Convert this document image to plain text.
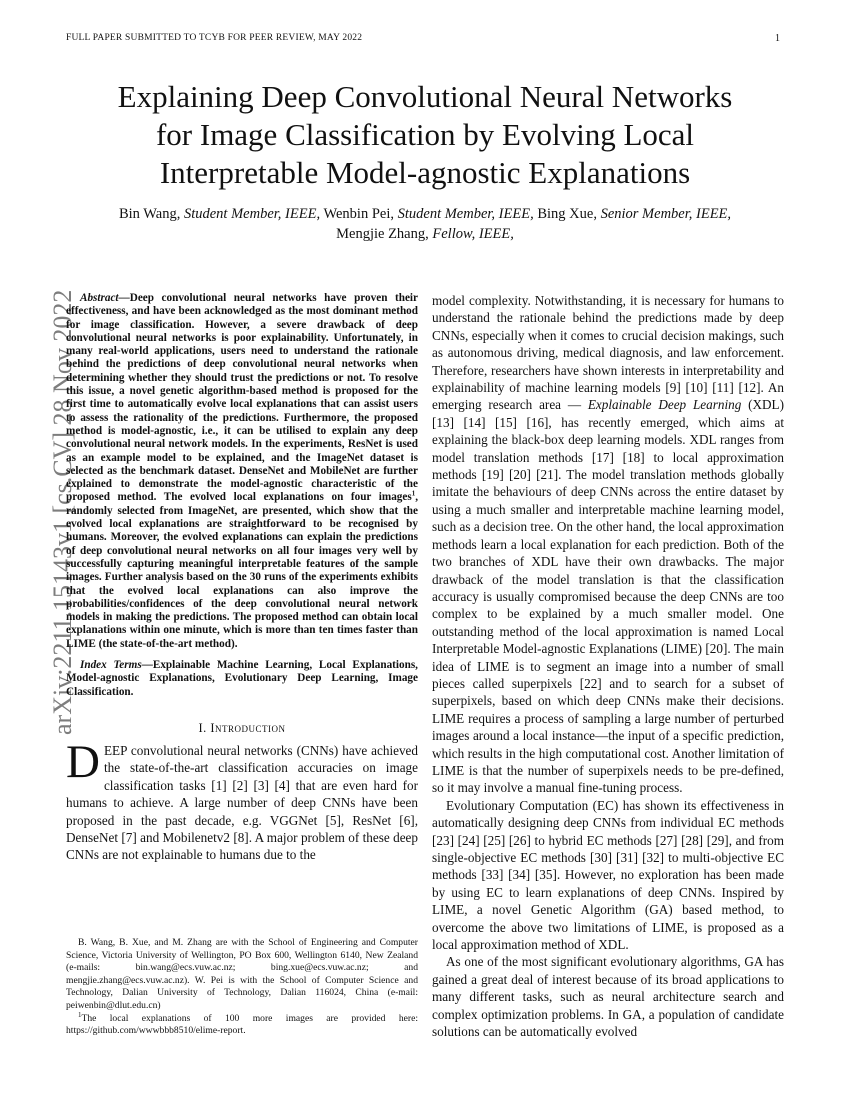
FULL PAPER SUBMITTED TO TCYB FOR PEER REVIEW, MAY 2022	1
arXiv:2211.15143v1 [cs.CV] 28 Nov 2022
Explaining Deep Convolutional Neural Networks
for Image Classification by Evolving Local
Interpretable Model-agnostic Explanations
Bin Wang, Student Member, IEEE, Wenbin Pei, Student Member, IEEE, Bing Xue, Senior Member, IEEE,
Mengjie Zhang, Fellow, IEEE,
Abstract—Deep convolutional neural networks have proven their effectiveness, and have been acknowledged as the most dominant method for image classification. However, a severe drawback of deep convolutional neural networks is poor explainability. Unfortunately, in many real-world applications, users need to understand the rationale behind the predictions of deep convolutional neural networks when determining whether they should trust the predictions or not. To resolve this issue, a novel genetic algorithm-based method is proposed for the first time to automatically evolve local explanations that can assist users to assess the rationality of the predictions. Furthermore, the proposed method is model-agnostic, i.e., it can be utilised to explain any deep convolutional neural network models. In the experiments, ResNet is used as an example model to be explained, and the ImageNet dataset is selected as the benchmark dataset. DenseNet and MobileNet are further explained to demonstrate the model-agnostic characteristic of the proposed method. The evolved local explanations on four images$^1$, randomly selected from ImageNet, are presented, which show that the evolved local explanations are straightforward to be recognised by humans. Moreover, the evolved explanations can explain the predictions of deep convolutional neural networks on all four images very well by successfully capturing meaningful interpretable features of the sample images. Further analysis based on the 30 runs of the experiments exhibits that the evolved local explanations can also improve the probabilities/confidences of the deep convolutional neural network models in making the predictions. The proposed method can obtain local explanations within one minute, which is more than ten times faster than LIME (the state-of-the-art method).
Index Terms—Explainable Machine Learning, Local Explanations, Model-agnostic Explanations, Evolutionary Deep Learning, Image Classification.
I. Introduction

DEEP convolutional neural networks (CNNs) have achieved the state-of-the-art classification accuracies on image classification tasks [1] [2] [3] [4] that are even hard for humans to achieve. A large number of deep CNNs have been proposed in the past decade, e.g. VGGNet [5], ResNet [6], DenseNet [7] and Mobilenetv2 [8]. A major problem of these deep CNNs are not explainable to humans due to the

B. Wang, B. Xue, and M. Zhang are with the School of Engineering and Computer Science, Victoria University of Wellington, PO Box 600, Wellington 6140, New Zealand (e-mails: bin.wang@ecs.vuw.ac.nz; bing.xue@ecs.vuw.ac.nz; and mengjie.zhang@ecs.vuw.ac.nz). W. Pei is with the School of Computer Science and Technology, Dalian University of Technology, Dalian 116024, China (e-mail: peiwenbin@dlut.edu.cn)

$^1$The local explanations of 100 more images are provided here: https://github.com/wwwbbb8510/elime-report.

model complexity. Notwithstanding, it is necessary for humans to understand the rationale behind the predictions made by deep CNNs, especially when it comes to crucial decision makings, such as autonomous driving, medical diagnosis, and law enforcement. Therefore, researchers have shown interests in interpretability and explainability of machine learning models [9] [10] [11] [12]. An emerging research area — Explainable Deep Learning (XDL) [13] [14] [15] [16], has recently emerged, which aims at explaining the black-box deep learning models. XDL ranges from model translation methods [17] [18] to local approximation methods [19] [20] [21]. The model translation methods globally imitate the behaviours of deep CNNs across the entire dataset by using a much smaller and interpretable machine learning model, such as a decision tree. On the other hand, the local approximation methods learn a local explanation for each prediction. Both of the two branches of XDL have their own drawbacks. The major drawback of the model translation is that the classification accuracy is usually compromised because the deep CNNs are too complex to be explained by a much smaller model. One outstanding method of the local approximation is named Local Interpretable Model-agnostic Explanations (LIME) [20]. The main idea of LIME is to segment an image into a number of small pieces called superpixels [22] and to search for a subset of superpixels, based on which deep CNNs make their decisions. LIME requires a process of sampling a large number of perturbed images around a local instance—the input of a specific prediction, which results in the high computational cost. Another limitation of LIME is that the number of superpixels needs to be pre-defined, so it may involve a manual fine-tuning process.

Evolutionary Computation (EC) has shown its effectiveness in automatically designing deep CNNs from individual EC methods [23] [24] [25] [26] to hybrid EC methods [27] [28] [29], and from single-objective EC methods [30] [31] [32] to multi-objective EC methods [33] [34] [35]. However, no exploration has been made by using EC to learn explanations of deep CNNs. Inspired by LIME, a novel Genetic Algorithm (GA) based method, to overcome the above two limitations of LIME, is proposed as a local approximation method of XDL.

As one of the most significant evolutionary algorithms, GA has gained a great deal of interest because of its broad applications to many different tasks, such as neural architecture search and complex optimization problems. In GA, a population of candidate solutions can be automatically evolved
